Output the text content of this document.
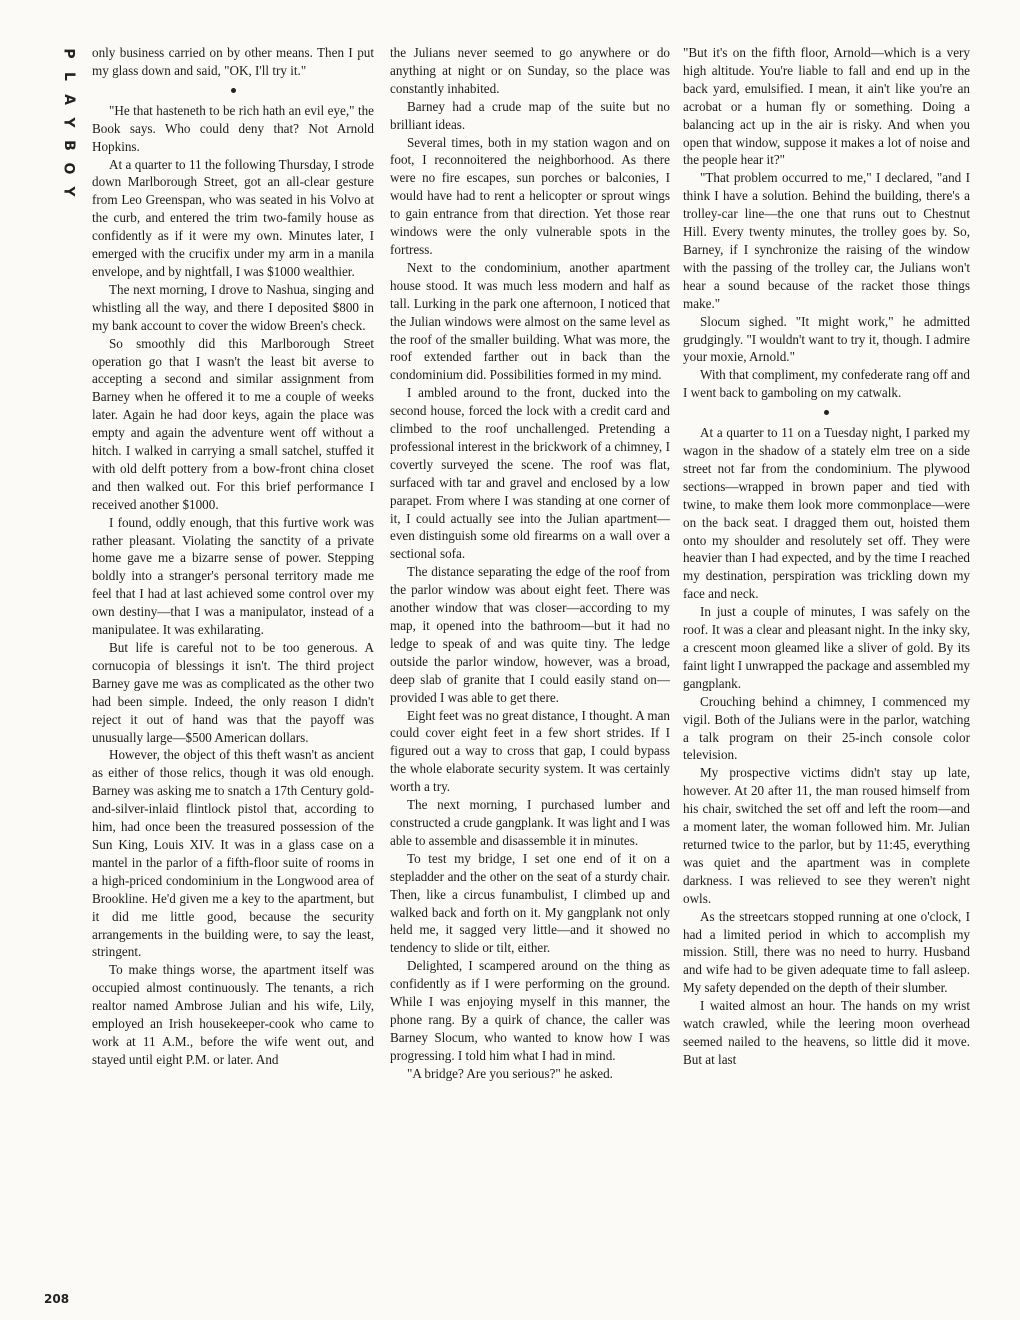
P
L
A
Y
B
O
Y
208

only business carried on by other means. Then I put my glass down and said, "OK, I'll try it."

"He that hasteneth to be rich hath an evil eye," the Book says. Who could deny that? Not Arnold Hopkins.

At a quarter to 11 the following Thursday, I strode down Marlborough Street, got an all-clear gesture from Leo Greenspan, who was seated in his Volvo at the curb, and entered the trim two-family house as confidently as if it were my own. Minutes later, I emerged with the crucifix under my arm in a manila envelope, and by nightfall, I was $1000 wealthier.

The next morning, I drove to Nashua, singing and whistling all the way, and there I deposited $800 in my bank account to cover the widow Breen's check.

So smoothly did this Marlborough Street operation go that I wasn't the least bit averse to accepting a second and similar assignment from Barney when he offered it to me a couple of weeks later. Again he had door keys, again the place was empty and again the adventure went off without a hitch. I walked in carrying a small satchel, stuffed it with old delft pottery from a bow-front china closet and then walked out. For this brief performance I received another $1000.

I found, oddly enough, that this furtive work was rather pleasant. Violating the sanctity of a private home gave me a bizarre sense of power. Stepping boldly into a stranger's personal territory made me feel that I had at last achieved some control over my own destiny—that I was a manipulator, instead of a manipulatee. It was exhilarating.

But life is careful not to be too generous. A cornucopia of blessings it isn't. The third project Barney gave me was as complicated as the other two had been simple. Indeed, the only reason I didn't reject it out of hand was that the payoff was unusually large—$500 American dollars.

However, the object of this theft wasn't as ancient as either of those relics, though it was old enough. Barney was asking me to snatch a 17th Century gold-and-silver-inlaid flintlock pistol that, according to him, had once been the treasured possession of the Sun King, Louis XIV. It was in a glass case on a mantel in the parlor of a fifth-floor suite of rooms in a high-priced condominium in the Longwood area of Brookline. He'd given me a key to the apartment, but it did me little good, because the security arrangements in the building were, to say the least, stringent.

To make things worse, the apartment itself was occupied almost continuously. The tenants, a rich realtor named Ambrose Julian and his wife, Lily, employed an Irish housekeeper-cook who came to work at 11 A.M., before the wife went out, and stayed until eight P.M. or later. And

the Julians never seemed to go anywhere or do anything at night or on Sunday, so the place was constantly inhabited.

Barney had a crude map of the suite but no brilliant ideas.

Several times, both in my station wagon and on foot, I reconnoitered the neighborhood. As there were no fire escapes, sun porches or balconies, I would have had to rent a helicopter or sprout wings to gain entrance from that direction. Yet those rear windows were the only vulnerable spots in the fortress.

Next to the condominium, another apartment house stood. It was much less modern and half as tall. Lurking in the park one afternoon, I noticed that the Julian windows were almost on the same level as the roof of the smaller building. What was more, the roof extended farther out in back than the condominium did. Possibilities formed in my mind.

I ambled around to the front, ducked into the second house, forced the lock with a credit card and climbed to the roof unchallenged. Pretending a professional interest in the brickwork of a chimney, I covertly surveyed the scene. The roof was flat, surfaced with tar and gravel and enclosed by a low parapet. From where I was standing at one corner of it, I could actually see into the Julian apartment—even distinguish some old firearms on a wall over a sectional sofa.

The distance separating the edge of the roof from the parlor window was about eight feet. There was another window that was closer—according to my map, it opened into the bathroom—but it had no ledge to speak of and was quite tiny. The ledge outside the parlor window, however, was a broad, deep slab of granite that I could easily stand on—provided I was able to get there.

Eight feet was no great distance, I thought. A man could cover eight feet in a few short strides. If I figured out a way to cross that gap, I could bypass the whole elaborate security system. It was certainly worth a try.

The next morning, I purchased lumber and constructed a crude gangplank. It was light and I was able to assemble and disassemble it in minutes.

To test my bridge, I set one end of it on a stepladder and the other on the seat of a sturdy chair. Then, like a circus funambulist, I climbed up and walked back and forth on it. My gangplank not only held me, it sagged very little—and it showed no tendency to slide or tilt, either.

Delighted, I scampered around on the thing as confidently as if I were performing on the ground. While I was enjoying myself in this manner, the phone rang. By a quirk of chance, the caller was Barney Slocum, who wanted to know how I was progressing. I told him what I had in mind.

"A bridge? Are you serious?" he asked.

"But it's on the fifth floor, Arnold—which is a very high altitude. You're liable to fall and end up in the back yard, emulsified. I mean, it ain't like you're an acrobat or a human fly or something. Doing a balancing act up in the air is risky. And when you open that window, suppose it makes a lot of noise and the people hear it?"

"That problem occurred to me," I declared, "and I think I have a solution. Behind the building, there's a trolley-car line—the one that runs out to Chestnut Hill. Every twenty minutes, the trolley goes by. So, Barney, if I synchronize the raising of the window with the passing of the trolley car, the Julians won't hear a sound because of the racket those things make."

Slocum sighed. "It might work," he admitted grudgingly. "I wouldn't want to try it, though. I admire your moxie, Arnold."

With that compliment, my confederate rang off and I went back to gamboling on my catwalk.

At a quarter to 11 on a Tuesday night, I parked my wagon in the shadow of a stately elm tree on a side street not far from the condominium. The plywood sections—wrapped in brown paper and tied with twine, to make them look more commonplace—were on the back seat. I dragged them out, hoisted them onto my shoulder and resolutely set off. They were heavier than I had expected, and by the time I reached my destination, perspiration was trickling down my face and neck.

In just a couple of minutes, I was safely on the roof. It was a clear and pleasant night. In the inky sky, a crescent moon gleamed like a sliver of gold. By its faint light I unwrapped the package and assembled my gangplank.

Crouching behind a chimney, I commenced my vigil. Both of the Julians were in the parlor, watching a talk program on their 25-inch console color television.

My prospective victims didn't stay up late, however. At 20 after 11, the man roused himself from his chair, switched the set off and left the room—and a moment later, the woman followed him. Mr. Julian returned twice to the parlor, but by 11:45, everything was quiet and the apartment was in complete darkness. I was relieved to see they weren't night owls.

As the streetcars stopped running at one o'clock, I had a limited period in which to accomplish my mission. Still, there was no need to hurry. Husband and wife had to be given adequate time to fall asleep. My safety depended on the depth of their slumber.

I waited almost an hour. The hands on my wrist watch crawled, while the leering moon overhead seemed nailed to the heavens, so little did it move. But at last
